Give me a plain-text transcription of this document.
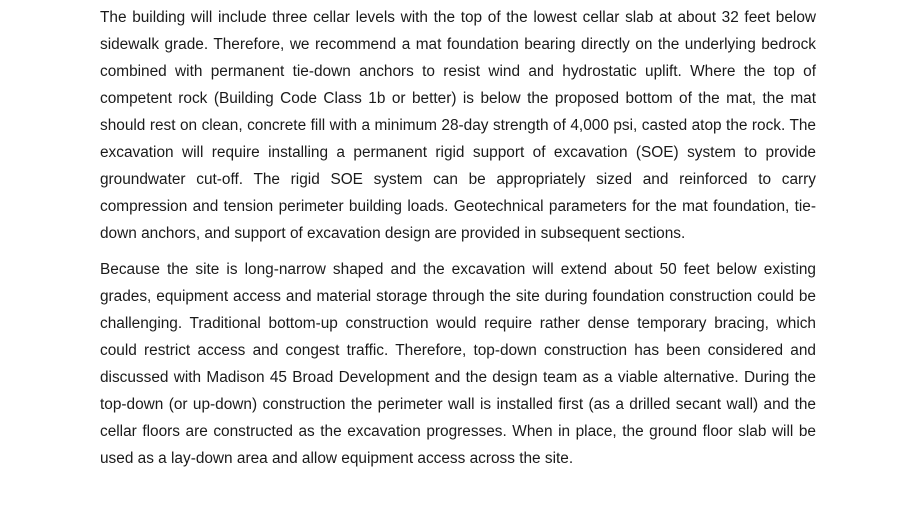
The building will include three cellar levels with the top of the lowest cellar slab at about 32 feet below sidewalk grade. Therefore, we recommend a mat foundation bearing directly on the underlying bedrock combined with permanent tie-down anchors to resist wind and hydrostatic uplift. Where the top of competent rock (Building Code Class 1b or better) is below the proposed bottom of the mat, the mat should rest on clean, concrete fill with a minimum 28-day strength of 4,000 psi, casted atop the rock. The excavation will require installing a permanent rigid support of excavation (SOE) system to provide groundwater cut-off. The rigid SOE system can be appropriately sized and reinforced to carry compression and tension perimeter building loads. Geotechnical parameters for the mat foundation, tie-down anchors, and support of excavation design are provided in subsequent sections.

Because the site is long-narrow shaped and the excavation will extend about 50 feet below existing grades, equipment access and material storage through the site during foundation construction could be challenging. Traditional bottom-up construction would require rather dense temporary bracing, which could restrict access and congest traffic. Therefore, top-down construction has been considered and discussed with Madison 45 Broad Development and the design team as a viable alternative. During the top-down (or up-down) construction the perimeter wall is installed first (as a drilled secant wall) and the cellar floors are constructed as the excavation progresses. When in place, the ground floor slab will be used as a lay-down area and allow equipment access across the site.
